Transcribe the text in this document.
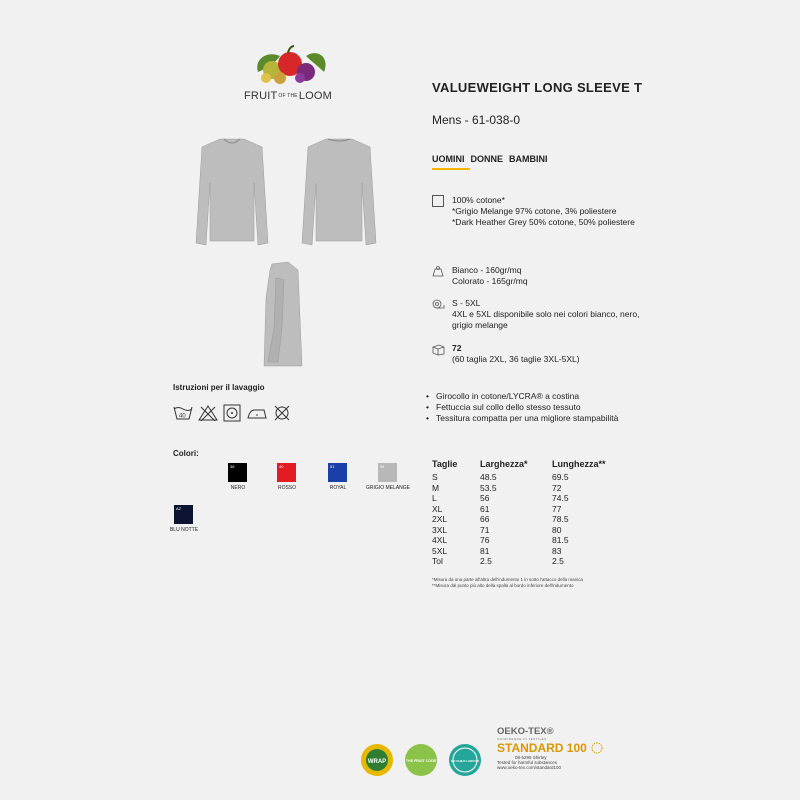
FRUITOF THELOOM
VALUEWEIGHT LONG SLEEVE T
Mens - 61-038-0
UOMINI DONNE BAMBINI
100% cotone*
*Grigio Melange 97% cotone, 3% poliestere
*Dark Heather Grey 50% cotone, 50% poliestere
Bianco - 160gr/mq
Colorato - 165gr/mq
S - 5XL
4XL e 5XL disponibile solo nei colori bianco, nero, grigio melange
72
(60 taglia 2XL, 36 taglie 3XL-5XL)
• Girocollo in cotone/LYCRA® a costina
• Fettuccia sul collo dello stesso tessuto
• Tessitura compatta per una migliore stampabilità
Taglie	Larghezza*	Lunghezza**
S	48.5	69.5
M	53.5	72
L	56	74.5
XL	61	77
2XL	66	78.5
3XL	71	80
4XL	76	81.5
5XL	81	83
Tol	2.5	2.5
*Misura da una parte all'altra dell'indumento 1 in sotto l'attacco della manica
**Misura dal punto più alto della spalla al bordo inferiore dell'indumento
Istruzioni per il lavaggio
40
Colori:
36
NERO
40
ROSSO
51
ROYAL
94
GRIGIO MELANGE
AZ
BLU NOTTE
WRAP	THE FRUIT CODE	NO CHILD LABOUR
OEKO-TEX®
CONFIDENCE IN TEXTILES
STANDARD 100
08-5295 Shirley
Tested for harmful substances
www.oeko-tex.com/standard100
